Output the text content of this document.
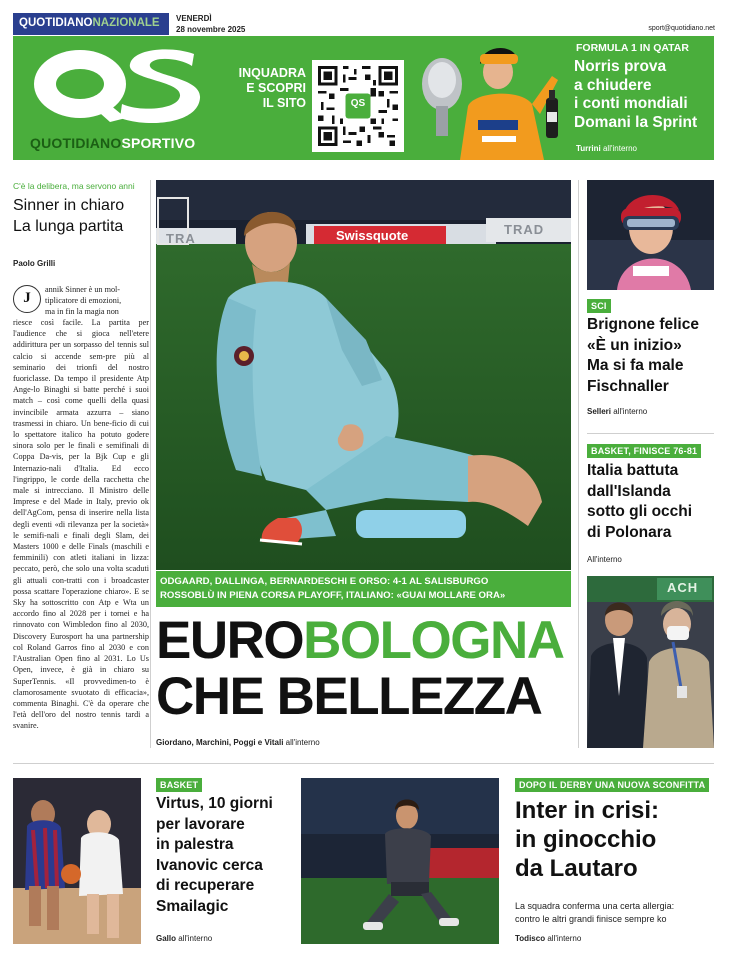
QUOTIDIANONAZIONALE VENERDÌ
28 novembre 2025	sport@quotidiano.net
QUOTIDIANOSPORTIVO
INQUADRA
E SCOPRI
IL SITO	QS
FORMULA 1 IN QATAR
Norris prova
a chiudere
i conti mondiali
Domani la Sprint
Turrini all'interno
C'è la delibera, ma servono anni
Sinner in chiaro
La lunga partita
Paolo Grilli
J
annik Sinner è un mol-
tiplicatore di emozioni,
ma in fin la magia non
riesce così facile. La partita per l'audience che si gioca nell'etere addirittura per un sorpasso del tennis sul calcio si accende sem-pre più al seminario dei trionfi del nostro fuoriclasse. Da tempo il presidente Atp Ange-lo Binaghi si batte perché i suoi match – così come quelli della quasi invincibile armata azzurra – siano trasmessi in chiaro. Un bene-ficio di cui lo spettatore italico ha potuto godere sinora solo per le finali e semifinali di Coppa Da-vis, per la Bjk Cup e gli Internazio-nali d'Italia. Ed ecco l'ingrippo, le corde della racchetta che male si intrecciano. Il Ministro delle Imprese e del Made in Italy, previo ok dell'AgCom, pensa di inserire nella lista degli eventi «di rilevanza per la società» le semifi-nali e finali degli Slam, dei Masters 1000 e delle Finals (maschili e femminili) con atleti italiani in lizza: peccato, però, che solo una volta scaduti gli attuali con-tratti con i broadcaster possa scattare l'operazione chiaro». E se Sky ha sottoscritto con Atp e Wta un accordo fino al 2028 per i tornei e ha rinnovato con Wimbledon fino al 2030, Discovery Eurosport ha una partnership col Roland Garros fino al 2030 e con l'Australian Open fino al 2031. Lo Us Open, invece, è già in chiaro su SuperTennis. «Il provvedimen-to è clamorosamente svuotato di efficacia», commenta Binaghi. C'è da operare che l'età dell'oro del nostro tennis tardi a svanire.
TRA	Swissquote	TRAD
ODGAARD, DALLINGA, BERNARDESCHI E ORSO: 4-1 AL SALISBURGO
ROSSOBLÙ IN PIENA CORSA PLAYOFF, ITALIANO: «GUAI MOLLARE ORA»
EUROBOLOGNA
CHE BELLEZZA
Giordano, Marchini, Poggi e Vitali all'interno
SCI
Brignone felice
«È un inizio»
Ma si fa male
Fischnaller
Selleri all'interno
BASKET, FINISCE 76-81
Italia battuta
dall'Islanda
sotto gli occhi
di Polonara
All'interno
ACH
BASKET
Virtus, 10 giorni
per lavorare
in palestra
Ivanovic cerca
di recuperare
Smailagic
Gallo all'interno
DOPO IL DERBY UNA NUOVA SCONFITTA
Inter in crisi:
in ginocchio
da Lautaro
La squadra conferma una certa allergia:
contro le altri grandi finisce sempre ko
Todisco all'interno
